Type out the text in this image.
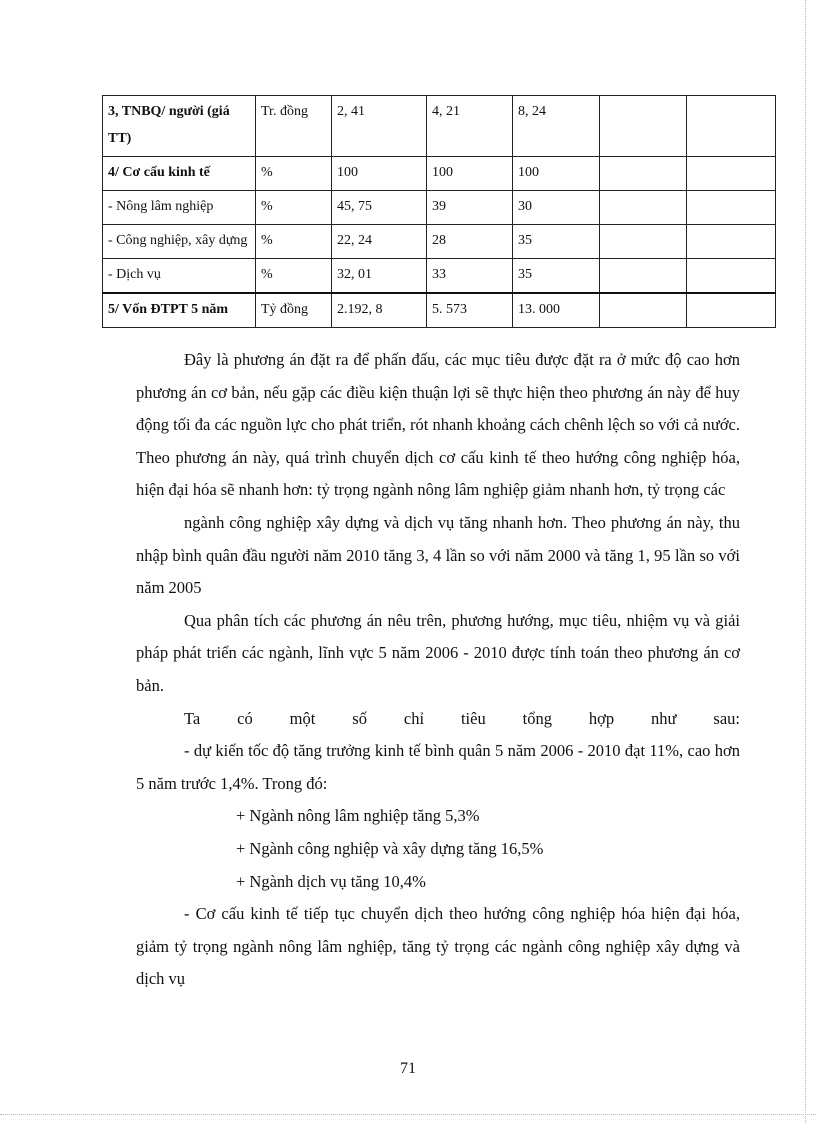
3, TNBQ/ người (giá TT)	Tr. đồng	2, 41	4, 21	8, 24		
4/ Cơ cấu kinh tế	%	100	100	100		
- Nông lâm nghiệp	%	45, 75	39	30		
- Công nghiệp, xây dựng	%	22, 24	28	35		
- Dịch vụ	%	32, 01	33	35		
5/ Vốn ĐTPT 5 năm	Tỷ đồng	2.192, 8	5. 573	13. 000		

Đây là phương án đặt ra để phấn đấu, các mục tiêu được đặt ra ở mức độ cao hơn phương án cơ bản, nếu gặp các điều kiện thuận lợi sẽ thực hiện theo phương án này để huy động tối đa các nguồn lực cho phát triển, rót nhanh khoảng cách chênh lệch so với cả nước. Theo phương án này, quá trình chuyển dịch cơ cấu kinh tế theo hướng công nghiệp hóa, hiện đại hóa sẽ nhanh hơn: tỷ trọng ngành nông lâm nghiệp giảm nhanh hơn, tỷ trọng các

ngành công nghiệp xây dựng và dịch vụ tăng nhanh hơn. Theo phương án này, thu nhập bình quân đầu người năm 2010 tăng 3, 4 lần so với năm 2000 và tăng 1, 95 lần so với năm 2005

Qua phân tích các phương án nêu trên, phương hướng, mục tiêu, nhiệm vụ và giải pháp phát triển các ngành, lĩnh vực 5 năm 2006 - 2010 được tính toán theo phương án cơ bản.

Ta có một số chỉ tiêu tổng hợp như sau:

- dự kiến tốc độ tăng trưởng kinh tế bình quân 5 năm 2006 - 2010 đạt 11%, cao hơn 5 năm trước 1,4%. Trong đó:

+ Ngành nông lâm nghiệp tăng 5,3%

+ Ngành công nghiệp và xây dựng tăng 16,5%

+ Ngành dịch vụ tăng 10,4%

- Cơ cấu kinh tế tiếp tục chuyển dịch theo hướng công nghiệp hóa hiện đại hóa, giảm tỷ trọng ngành nông lâm nghiệp, tăng tỷ trọng các ngành công nghiệp xây dựng và dịch vụ

71
